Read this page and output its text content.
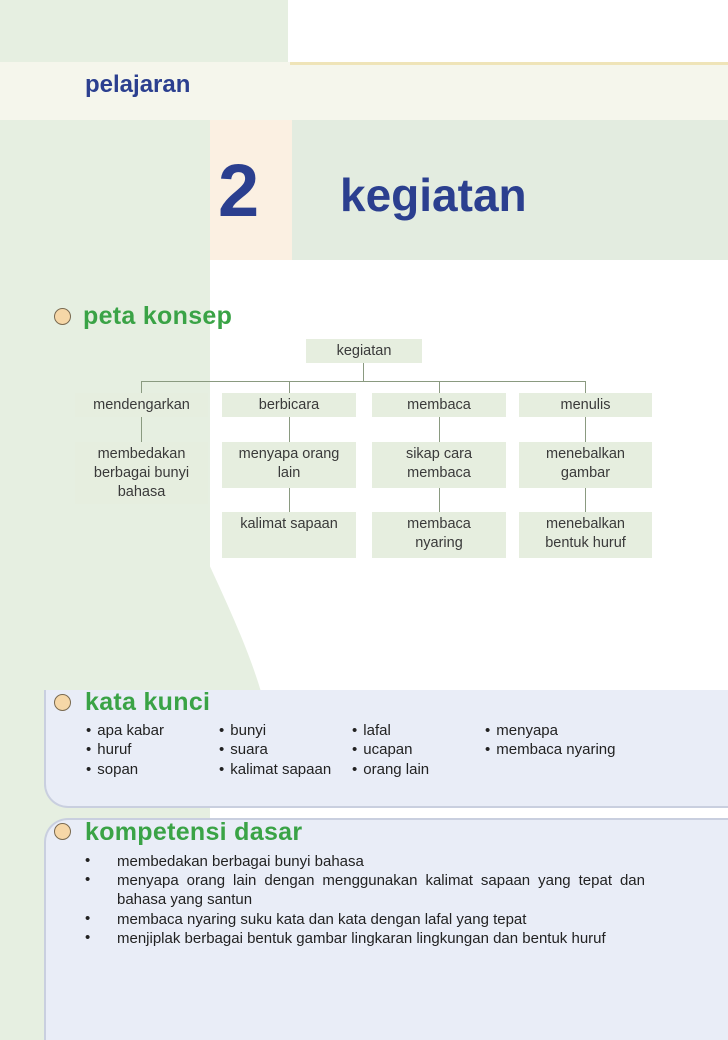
pelajaran
2 kegiatan
peta konsep
kegiatan
mendengarkan	berbicara	membaca	menulis
membedakan berbagai bunyi bahasa
menyapa orang lain
sikap cara membaca
menebalkan gambar
kalimat sapaan	membaca nyaring
menebalkan bentuk huruf
kata kunci
• apa kabar
• huruf
• sopan
• bunyi
• suara
• kalimat sapaan
• lafal
• ucapan
• orang lain
• menyapa
• membaca nyaring
kompetensi dasar
• membedakan berbagai bunyi bahasa
• menyapa orang lain dengan menggunakan kalimat sapaan yang tepat dan bahasa yang santun
• membaca nyaring suku kata dan kata dengan lafal yang tepat
• menjiplak berbagai bentuk gambar lingkaran lingkungan dan bentuk huruf
